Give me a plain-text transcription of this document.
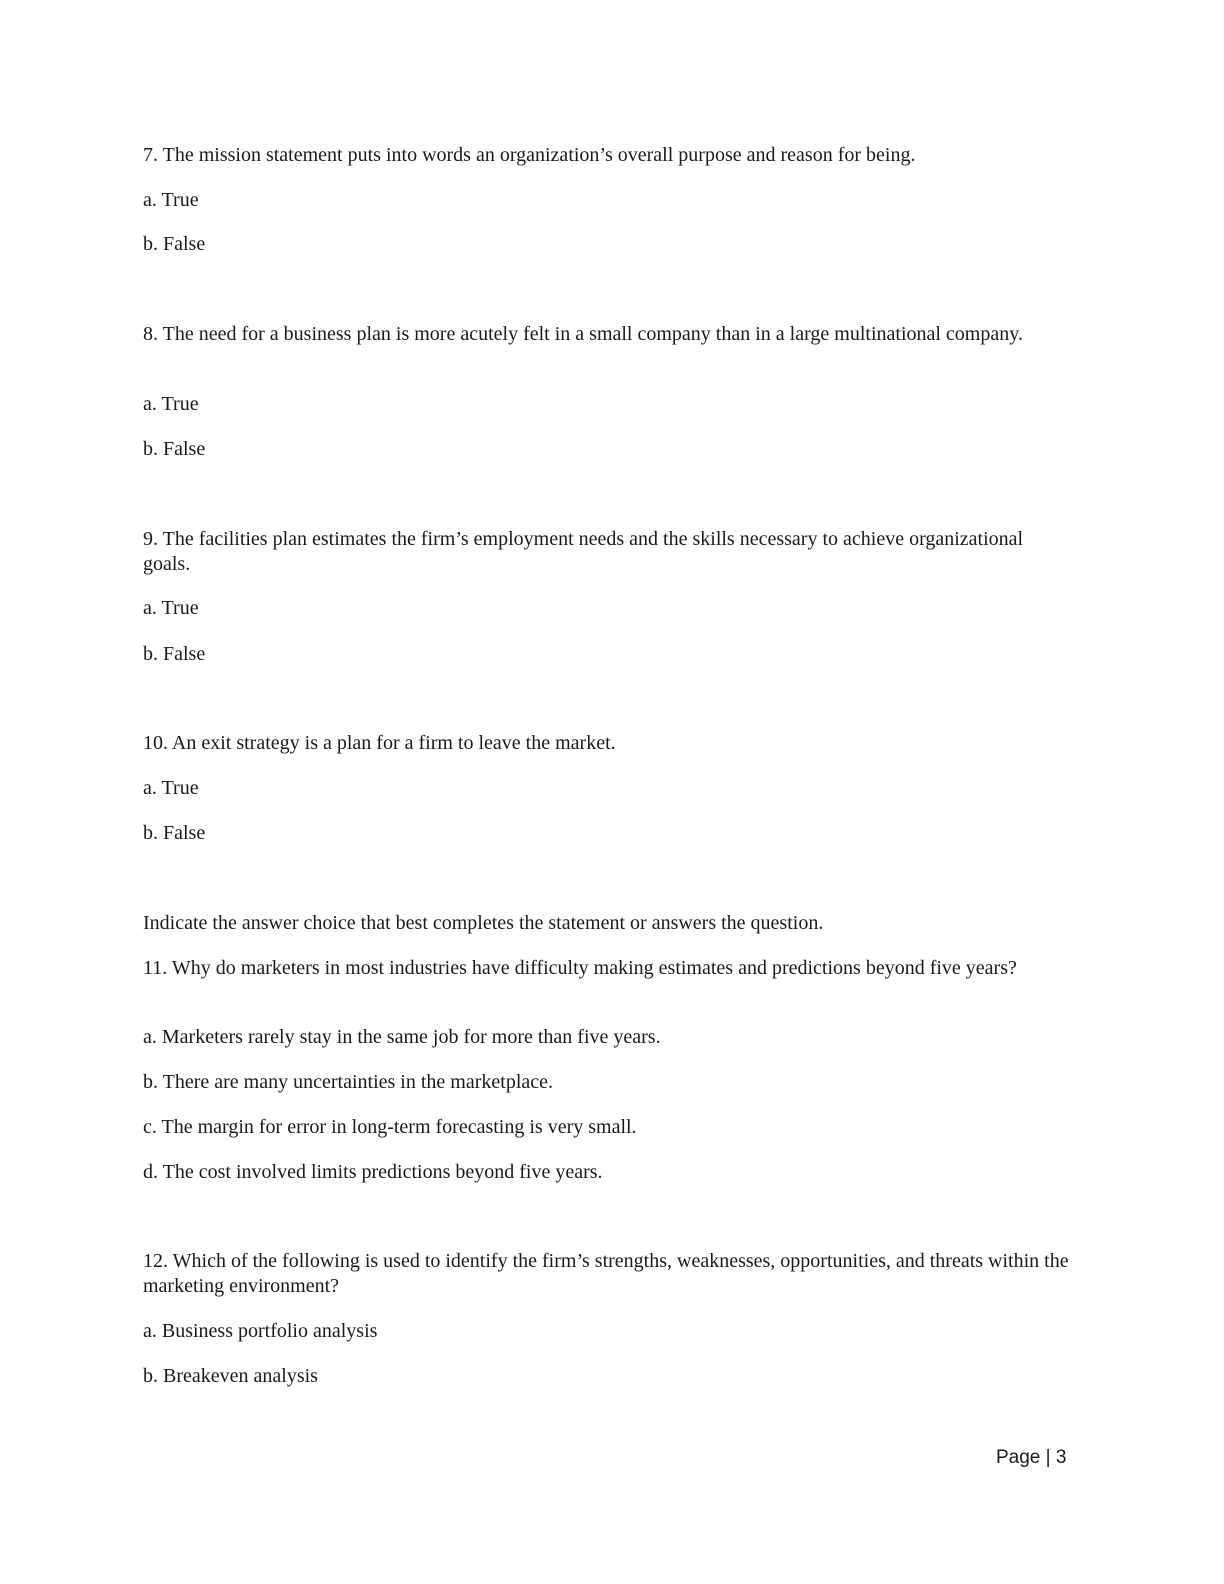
7. The mission statement puts into words an organization’s overall purpose and reason for being.
a. True
b. False
8. The need for a business plan is more acutely felt in a small company than in a large multinational company.
a. True
b. False
9. The facilities plan estimates the firm’s employment needs and the skills necessary to achieve organizational goals.
a. True
b. False
10. An exit strategy is a plan for a firm to leave the market.
a. True
b. False
Indicate the answer choice that best completes the statement or answers the question.
11. Why do marketers in most industries have difficulty making estimates and predictions beyond five years?
a. Marketers rarely stay in the same job for more than five years.
b. There are many uncertainties in the marketplace.
c. The margin for error in long-term forecasting is very small.
d. The cost involved limits predictions beyond five years.
12. Which of the following is used to identify the firm’s strengths, weaknesses, opportunities, and threats within the marketing environment?
a. Business portfolio analysis
b. Breakeven analysis
Page | 3
